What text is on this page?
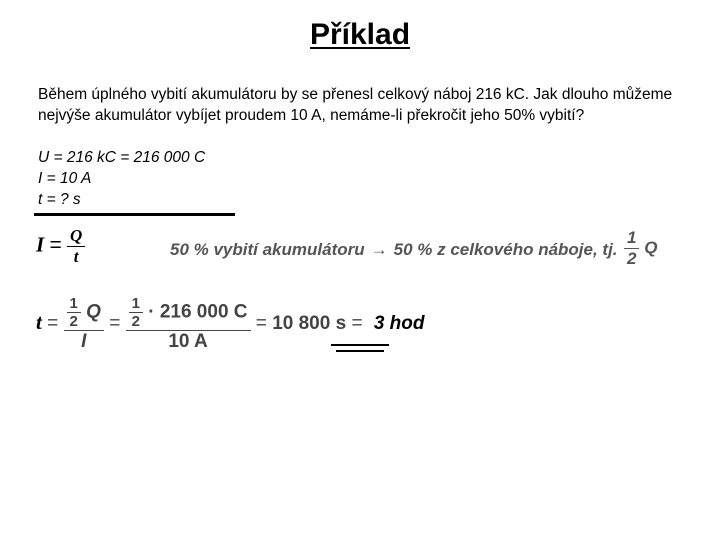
Příklad
Během úplného vybití akumulátoru by se přenesl celkový náboj 216 kC. Jak dlouho můžeme nejvýše akumulátor vybíjet proudem 10 A, nemáme-li překročit jeho 50% vybití?
U = 216 kC = 216 000 C
I = 10 A
t = ? s
$I = \frac{Q}{t}$	50 % vybití akumulátoru → 50 % z celkového náboje, tj. $\frac{1}{2}$ Q
$t = \frac{\frac{1}{2} Q}{I} = \frac{\frac{1}{2} \cdot 216 000 C}{10 A} = 10$ 800 s = 3 hod
